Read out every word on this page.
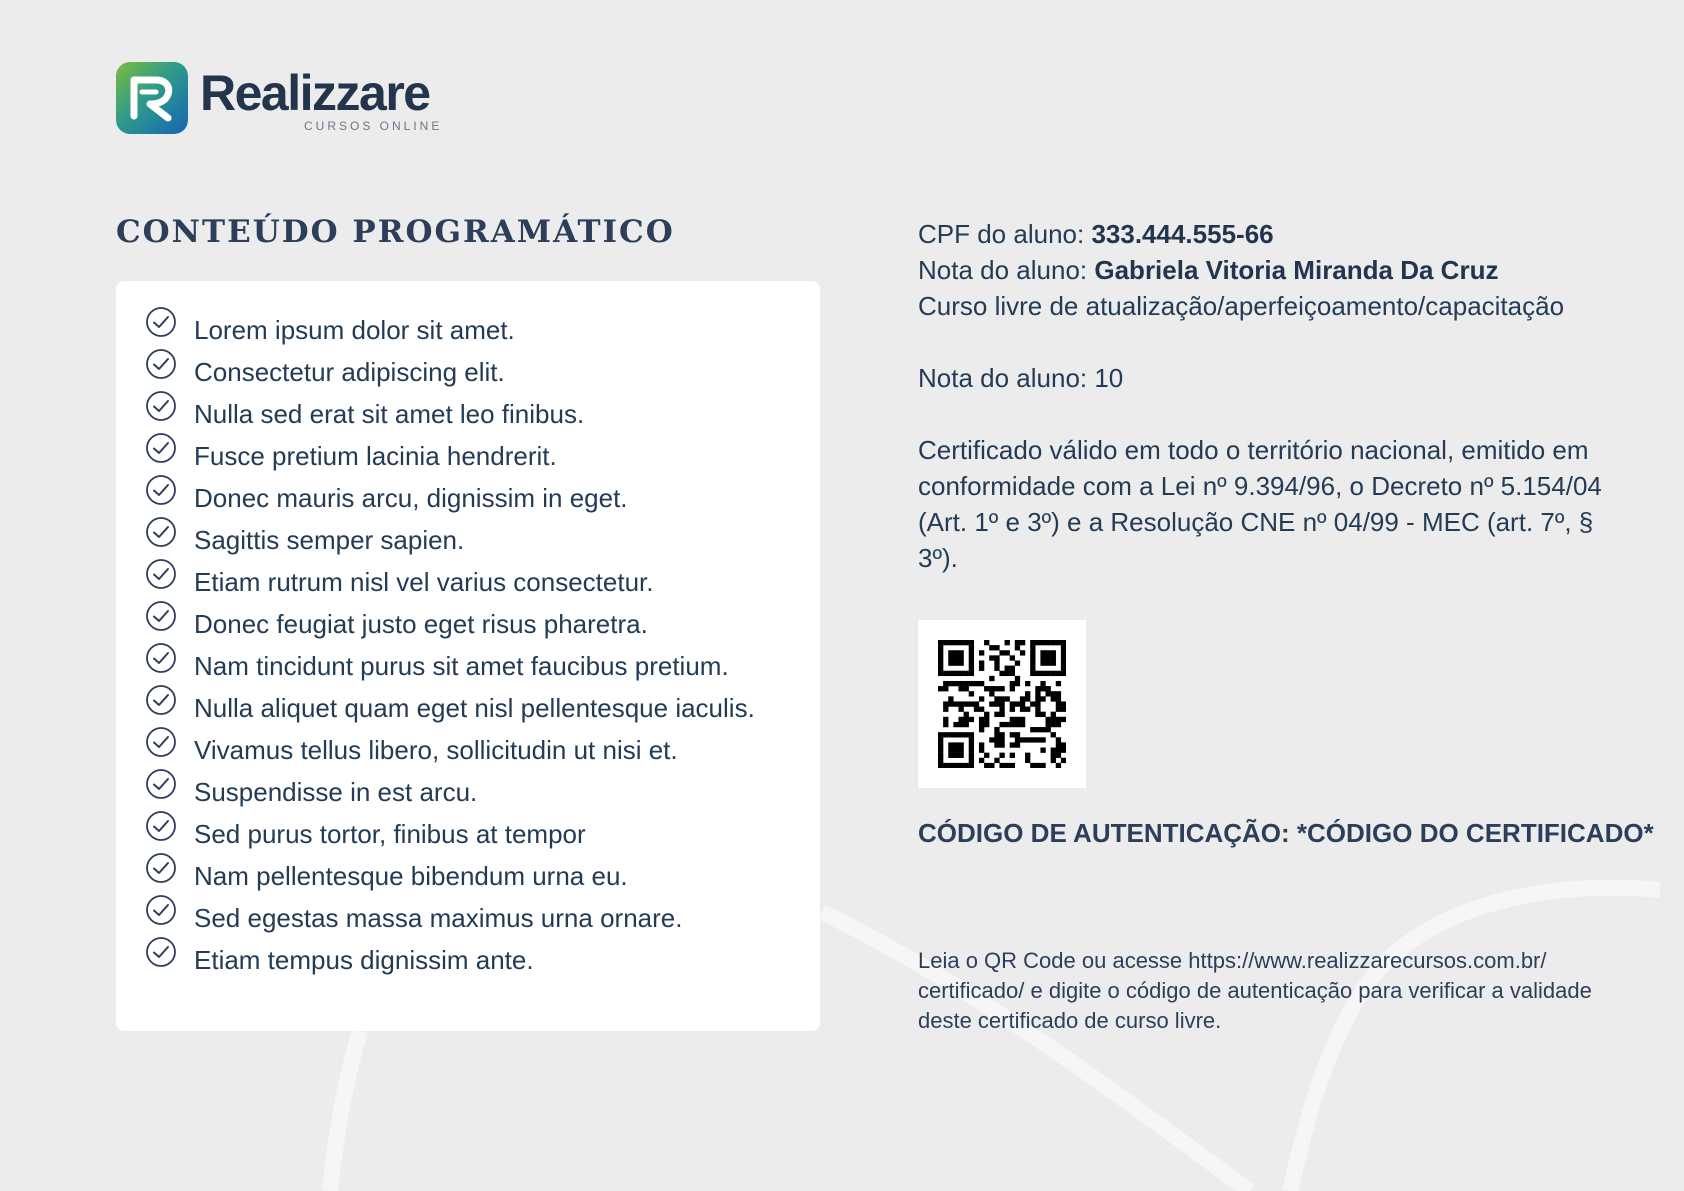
Realizzare
CURSOS ONLINE
CONTEÚDO PROGRAMÁTICO
Lorem ipsum dolor sit amet.
Consectetur adipiscing elit.
Nulla sed erat sit amet leo finibus.
Fusce pretium lacinia hendrerit.
Donec mauris arcu, dignissim in eget.
Sagittis semper sapien.
Etiam rutrum nisl vel varius consectetur.
Donec feugiat justo eget risus pharetra.
Nam tincidunt purus sit amet faucibus pretium.
Nulla aliquet quam eget nisl pellentesque iaculis.
Vivamus tellus libero, sollicitudin ut nisi et.
Suspendisse in est arcu.
Sed purus tortor, finibus at tempor
Nam pellentesque bibendum urna eu.
Sed egestas massa maximus urna ornare.
Etiam tempus dignissim ante.

CPF do aluno: 333.444.555-66

Nota do aluno: Gabriela Vitoria Miranda Da Cruz

Curso livre de atualização/aperfeiçoamento/capacitação

Nota do aluno: 10

Certificado válido em todo o território nacional, emitido em conformidade com a Lei nº 9.394/96, o Decreto nº 5.154/04 (Art. 1º e 3º) e a Resolução CNE nº 04/99 - MEC (art. 7º, § 3º).

CÓDIGO DE AUTENTICAÇÃO: *CÓDIGO DO CERTIFICADO*

Leia o QR Code ou acesse https://www.realizzarecursos.com.br/ certificado/ e digite o código de autenticação para verificar a validade deste certificado de curso livre.
